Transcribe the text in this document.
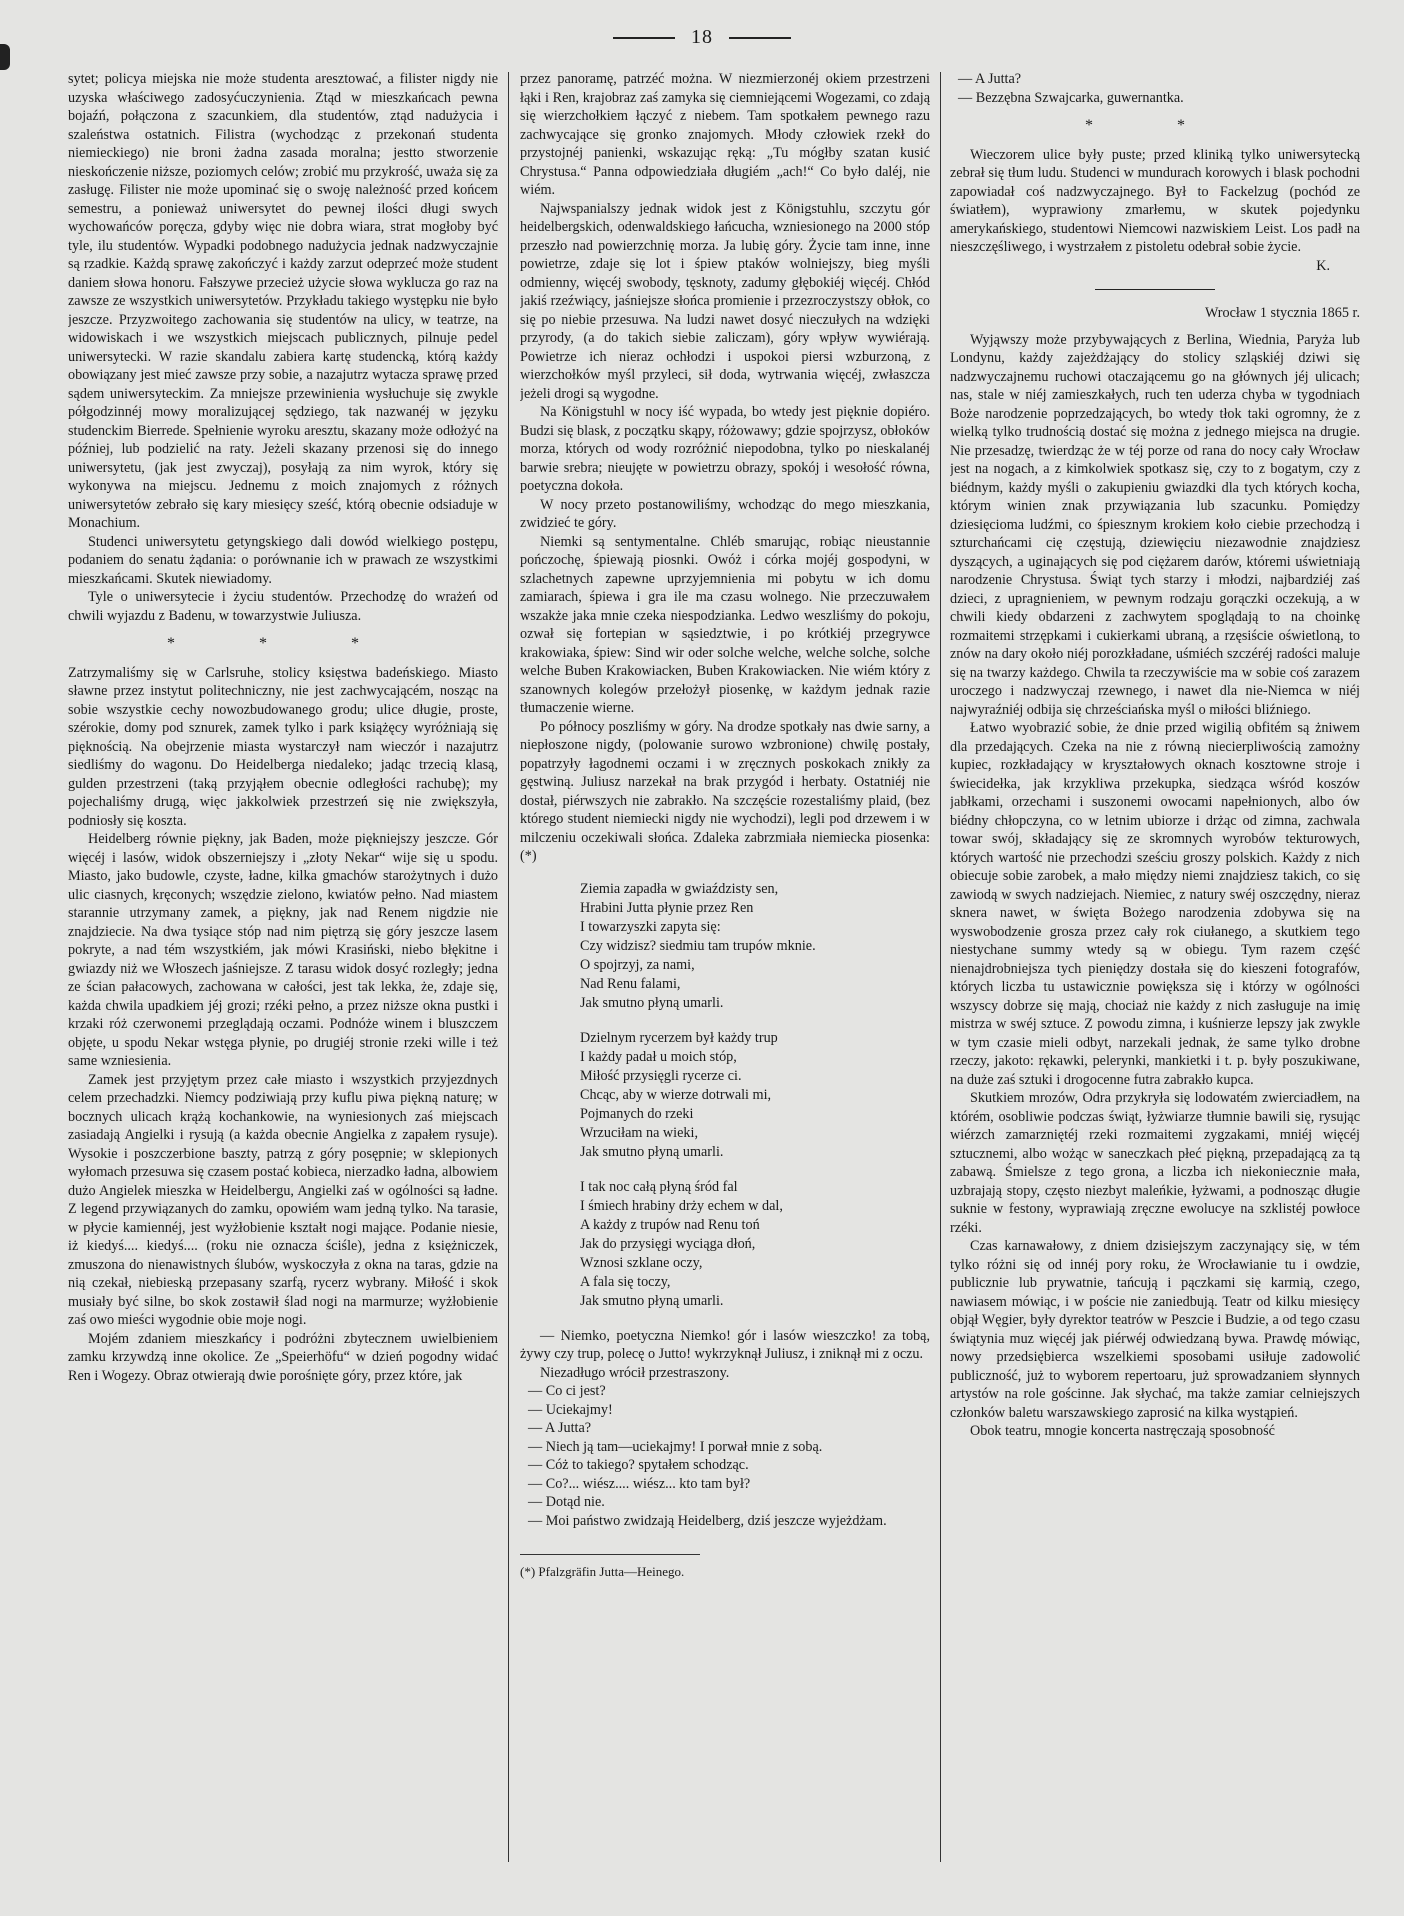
18

sytet; policya miejska nie może studenta aresztować, a filister nigdy nie uzyska właściwego zadosyćuczynienia. Ztąd w mieszkańcach pewna bojaźń, połączona z szacunkiem, dla studentów, ztąd nadużycia i szaleństwa ostatnich. Filistra (wychodząc z przekonań studenta niemieckiego) nie broni żadna zasada moralna; jestto stworzenie nieskończenie niższe, poziomych celów; zrobić mu przykrość, uważa się za zasługę. Filister nie może upominać się o swoję należność przed końcem semestru, a ponieważ uniwersytet do pewnej ilości długi swych wychowańców poręcza, gdyby więc nie dobra wiara, strat mogłoby być tyle, ilu studentów. Wypadki podobnego nadużycia jednak nadzwyczajnie są rzadkie. Każdą sprawę zakończyć i każdy zarzut odeprzeć może student daniem słowa honoru. Fałszywe przecież użycie słowa wyklucza go raz na zawsze ze wszystkich uniwersytetów. Przykładu takiego występku nie było jeszcze. Przyzwoitego zachowania się studentów na ulicy, w teatrze, na widowiskach i we wszystkich miejscach publicznych, pilnuje pedel uniwersytecki. W razie skandalu zabiera kartę studencką, którą każdy obowiązany jest mieć zawsze przy sobie, a nazajutrz wytacza sprawę przed sądem uniwersyteckim. Za mniejsze przewinienia wysłuchuje się zwykle półgodzinnéj mowy moralizującej sędziego, tak nazwanéj w języku studenckim Bierrede. Spełnienie wyroku aresztu, skazany może odłożyć na później, lub podzielić na raty. Jeżeli skazany przenosi się do innego uniwersytetu, (jak jest zwyczaj), posyłają za nim wyrok, który się wykonywa na miejscu. Jednemu z moich znajomych z różnych uniwersytetów zebrało się kary miesięcy sześć, którą obecnie odsiaduje w Monachium.

Studenci uniwersytetu getyngskiego dali dowód wielkiego postępu, podaniem do senatu żądania: o porównanie ich w prawach ze wszystkimi mieszkańcami. Skutek niewiadomy.

Tyle o uniwersytecie i życiu studentów. Przechodzę do wrażeń od chwili wyjazdu z Badenu, w towarzystwie Juliusza.

* * *

Zatrzymaliśmy się w Carlsruhe, stolicy księstwa badeńskiego. Miasto sławne przez instytut politechniczny, nie jest zachwycającém, nosząc na sobie wszystkie cechy nowozbudowanego grodu; ulice długie, proste, szérokie, domy pod sznurek, zamek tylko i park książęcy wyróżniają się pięknością. Na obejrzenie miasta wystarczył nam wieczór i nazajutrz siedliśmy do wagonu. Do Heidelberga niedaleko; jadąc trzecią klasą, gulden przestrzeni (taką przyjąłem obecnie odległości rachubę); my pojechaliśmy drugą, więc jakkolwiek przestrzeń się nie zwiększyła, podniosły się koszta.

Heidelberg równie piękny, jak Baden, może piękniejszy jeszcze. Gór więcéj i lasów, widok obszerniejszy i „złoty Nekar“ wije się u spodu. Miasto, jako budowle, czyste, ładne, kilka gmachów starożytnych i dużo ulic ciasnych, kręconych; wszędzie zielono, kwiatów pełno. Nad miastem starannie utrzymany zamek, a piękny, jak nad Renem nigdzie nie znajdziecie. Na dwa tysiące stóp nad nim piętrzą się góry jeszcze lasem pokryte, a nad tém wszystkiém, jak mówi Krasiński, niebo błękitne i gwiazdy niż we Włoszech jaśniejsze. Z tarasu widok dosyć rozległy; jedna ze ścian pałacowych, zachowana w całości, jest tak lekka, że, zdaje się, każda chwila upadkiem jéj grozi; rzéki pełno, a przez niższe okna pustki i krzaki róż czerwonemi przeglądają oczami. Podnóże winem i bluszczem objęte, u spodu Nekar wstęga płynie, po drugiéj stronie rzeki wille i też same wzniesienia.

Zamek jest przyjętym przez całe miasto i wszystkich przyjezdnych celem przechadzki. Niemcy podziwiają przy kuflu piwa piękną naturę; w bocznych ulicach krążą kochankowie, na wyniesionych zaś miejscach zasiadają Angielki i rysują (a każda obecnie Angielka z zapałem rysuje). Wysokie i poszczerbione baszty, patrzą z góry posępnie; w sklepionych wyłomach przesuwa się czasem postać kobieca, nierzadko ładna, albowiem dużo Angielek mieszka w Heidelbergu, Angielki zaś w ogólności są ładne. Z legend przywiązanych do zamku, opowiém wam jedną tylko. Na tarasie, w płycie kamiennéj, jest wyżłobienie kształt nogi mające. Podanie niesie, iż kiedyś.... kiedyś.... (roku nie oznacza ściśle), jedna z księżniczek, zmuszona do nienawistnych ślubów, wyskoczyła z okna na taras, gdzie na nią czekał, niebieską przepasany szarfą, rycerz wybrany. Miłość i skok musiały być silne, bo skok zostawił ślad nogi na marmurze; wyżłobienie zaś owo mieści wygodnie obie moje nogi.

Mojém zdaniem mieszkańcy i podróżni zbytecznem uwielbieniem zamku krzywdzą inne okolice. Ze „Speierhöfu“ w dzień pogodny widać Ren i Wogezy. Obraz otwierają dwie porośnięte góry, przez które, jak

przez panoramę, patrzéć można. W niezmierzonéj okiem przestrzeni łąki i Ren, krajobraz zaś zamyka się ciemniejącemi Wogezami, co zdają się wierzchołkiem łączyć z niebem. Tam spotkałem pewnego razu zachwycające się gronko znajomych. Młody człowiek rzekł do przystojnéj panienki, wskazując ręką: „Tu mógłby szatan kusić Chrystusa.“ Panna odpowiedziała długiém „ach!“ Co było daléj, nie wiém.

Najwspanialszy jednak widok jest z Königstuhlu, szczytu gór heidelbergskich, odenwaldskiego łańcucha, wzniesionego na 2000 stóp przeszło nad powierzchnię morza. Ja lubię góry. Życie tam inne, inne powietrze, zdaje się lot i śpiew ptaków wolniejszy, bieg myśli odmienny, więcéj swobody, tęsknoty, zadumy głębokiéj więcéj. Chłód jakiś rzeźwiący, jaśniejsze słońca promienie i przezroczystszy obłok, co się po niebie przesuwa. Na ludzi nawet dosyć nieczułych na wdzięki przyrody, (a do takich siebie zaliczam), góry wpływ wywiérają. Powietrze ich nieraz ochłodzi i uspokoi piersi wzburzoną, z wierzchołków myśl przyleci, sił doda, wytrwania więcéj, zwłaszcza jeżeli drogi są wygodne.

Na Königstuhl w nocy iść wypada, bo wtedy jest pięknie dopiéro. Budzi się blask, z początku skąpy, różowawy; gdzie spojrzysz, obłoków morza, których od wody rozróżnić niepodobna, tylko po nieskalanéj barwie srebra; nieujęte w powietrzu obrazy, spokój i wesołość równa, poetyczna dokoła.

W nocy przeto postanowiliśmy, wchodząc do mego mieszkania, zwidzieć te góry.

Niemki są sentymentalne. Chléb smarując, robiąc nieustannie pończochę, śpiewają piosnki. Owóż i córka mojéj gospodyni, w szlachetnych zapewne uprzyjemnienia mi pobytu w ich domu zamiarach, śpiewa i gra ile ma czasu wolnego. Nie przeczuwałem wszakże jaka mnie czeka niespodzianka. Ledwo weszliśmy do pokoju, ozwał się fortepian w sąsiedztwie, i po krótkiéj przegrywce krakowiaka, śpiew: Sind wir oder solche welche, welche solche, solche welche Buben Krakowiacken, Buben Krakowiacken. Nie wiém który z szanownych kolegów przełożył piosenkę, w każdym jednak razie tłumaczenie wierne.

Po północy poszliśmy w góry. Na drodze spotkały nas dwie sarny, a niepłoszone nigdy, (polowanie surowo wzbronione) chwilę postały, popatrzyły łagodnemi oczami i w zręcznych poskokach znikły za gęstwiną. Juliusz narzekał na brak przygód i herbaty. Ostatniéj nie dostał, piérwszych nie zabrakło. Na szczęście rozestaliśmy plaid, (bez którego student niemiecki nigdy nie wychodzi), legli pod drzewem i w milczeniu oczekiwali słońca. Zdaleka zabrzmiała niemiecka piosenka: (*)

Ziemia zapadła w gwiaździsty sen,
Hrabini Jutta płynie przez Ren
I towarzyszki zapyta się:
Czy widzisz? siedmiu tam trupów mknie.
O spojrzyj, za nami,
Nad Renu falami,
Jak smutno płyną umarli.
Dzielnym rycerzem był każdy trup
I każdy padał u moich stóp,
Miłość przysięgli rycerze ci.
Chcąc, aby w wierze dotrwali mi,
Pojmanych do rzeki
Wrzuciłam na wieki,
Jak smutno płyną umarli.
I tak noc całą płyną śród fal
I śmiech hrabiny drży echem w dal,
A każdy z trupów nad Renu toń
Jak do przysięgi wyciąga dłoń,
Wznosi szklane oczy,
A fala się toczy,
Jak smutno płyną umarli.

— Niemko, poetyczna Niemko! gór i lasów wieszczko! za tobą, żywy czy trup, polecę o Jutto! wykrzyknął Juliusz, i zniknął mi z oczu.

Niezadługo wrócił przestraszony.

— Co ci jest?

— Uciekajmy!

— A Jutta?

— Niech ją tam—uciekajmy! I porwał mnie z sobą.

— Cóż to takiego? spytałem schodząc.

— Co?... wiész.... wiész... kto tam był?

— Dotąd nie.

— Moi państwo zwidzają Heidelberg, dziś jeszcze wyjeżdżam.

(*) Pfalzgräfin Jutta—Heinego.

— A Jutta?

— Bezzębna Szwajcarka, guwernantka.

* *

Wieczorem ulice były puste; przed kliniką tylko uniwersytecką zebrał się tłum ludu. Studenci w mundurach korowych i blask pochodni zapowiadał coś nadzwyczajnego. Był to Fackelzug (pochód ze światłem), wyprawiony zmarłemu, w skutek pojedynku amerykańskiego, studentowi Niemcowi nazwiskiem Leist. Los padł na nieszczęśliwego, i wystrzałem z pistoletu odebrał sobie życie.

K.
Wrocław 1 stycznia 1865 r.

Wyjąwszy może przybywających z Berlina, Wiednia, Paryża lub Londynu, każdy zajeżdżający do stolicy szląskiéj dziwi się nadzwyczajnemu ruchowi otaczającemu go na głównych jéj ulicach; nas, stale w niéj zamieszkałych, ruch ten uderza chyba w tygodniach Boże narodzenie poprzedzających, bo wtedy tłok taki ogromny, że z wielką tylko trudnością dostać się można z jednego miejsca na drugie. Nie przesadzę, twierdząc że w téj porze od rana do nocy cały Wrocław jest na nogach, a z kimkolwiek spotkasz się, czy to z bogatym, czy z biédnym, każdy myśli o zakupieniu gwiazdki dla tych których kocha, którym winien znak przywiązania lub szacunku. Pomiędzy dziesięcioma ludźmi, co śpiesznym krokiem koło ciebie przechodzą i szturchańcami cię częstują, dziewięciu niezawodnie znajdziesz dyszących, a uginających się pod ciężarem darów, któremi uświetniają narodzenie Chrystusa. Świąt tych starzy i młodzi, najbardziéj zaś dzieci, z upragnieniem, w pewnym rodzaju gorączki oczekują, a w chwili kiedy obdarzeni z zachwytem spoglądają to na choinkę rozmaitemi strzępkami i cukierkami ubraną, a rzęsiście oświetloną, to znów na dary około niéj porozkładane, uśmiéch szczéréj radości maluje się na twarzy każdego. Chwila ta rzeczywiście ma w sobie coś zarazem uroczego i nadzwyczaj rzewnego, i nawet dla nie-Niemca w niéj najwyraźniéj odbija się chrześciańska myśl o miłości bliźniego.

Łatwo wyobrazić sobie, że dnie przed wigilią obfitém są żniwem dla przedających. Czeka na nie z równą niecierpliwością zamożny kupiec, rozkładający w kryształowych oknach kosztowne stroje i świecidełka, jak krzykliwa przekupka, siedząca wśród koszów jabłkami, orzechami i suszonemi owocami napełnionych, albo ów biédny chłopczyna, co w letnim ubiorze i drżąc od zimna, zachwala towar swój, składający się ze skromnych wyrobów tekturowych, których wartość nie przechodzi sześciu groszy polskich. Każdy z nich obiecuje sobie zarobek, a mało między niemi znajdziesz takich, co się zawiodą w swych nadziejach. Niemiec, z natury swéj oszczędny, nieraz sknera nawet, w święta Bożego narodzenia zdobywa się na wyswobodzenie grosza przez cały rok ciułanego, a skutkiem tego niestychane summy wtedy są w obiegu. Tym razem część nienajdrobniejsza tych pieniędzy dostała się do kieszeni fotografów, których liczba tu ustawicznie powiększa się i którzy w ogólności wszyscy dobrze się mają, chociaż nie każdy z nich zasługuje na imię mistrza w swéj sztuce. Z powodu zimna, i kuśnierze lepszy jak zwykle w tym czasie mieli odbyt, narzekali jednak, że same tylko drobne rzeczy, jakoto: rękawki, pelerynki, mankietki i t. p. były poszukiwane, na duże zaś sztuki i drogocenne futra zabrakło kupca.

Skutkiem mrozów, Odra przykryła się lodowatém zwierciadłem, na którém, osobliwie podczas świąt, łyżwiarze tłumnie bawili się, rysując wiérzch zamarzniętéj rzeki rozmaitemi zygzakami, mniéj więcéj sztucznemi, albo wożąc w saneczkach płeć piękną, przepadającą za tą zabawą. Śmielsze z tego grona, a liczba ich niekoniecznie mała, uzbrajają stopy, często niezbyt maleńkie, łyżwami, a podnosząc długie suknie w festony, wyprawiają zręczne ewolucye na szklistéj powłoce rzéki.

Czas karnawałowy, z dniem dzisiejszym zaczynający się, w tém tylko różni się od innéj pory roku, że Wrocławianie tu i owdzie, publicznie lub prywatnie, tańcują i pączkami się karmią, czego, nawiasem mówiąc, i w poście nie zaniedbują. Teatr od kilku miesięcy objął Węgier, były dyrektor teatrów w Peszcie i Budzie, a od tego czasu świątynia muz więcéj jak piérwéj odwiedzaną bywa. Prawdę mówiąc, nowy przedsiębierca wszelkiemi sposobami usiłuje zadowolić publiczność, już to wyborem repertoaru, już sprowadzaniem słynnych artystów na role gościnne. Jak słychać, ma także zamiar celniejszych członków baletu warszawskiego zaprosić na kilka wystąpień.

Obok teatru, mnogie koncerta nastręczają sposobność
